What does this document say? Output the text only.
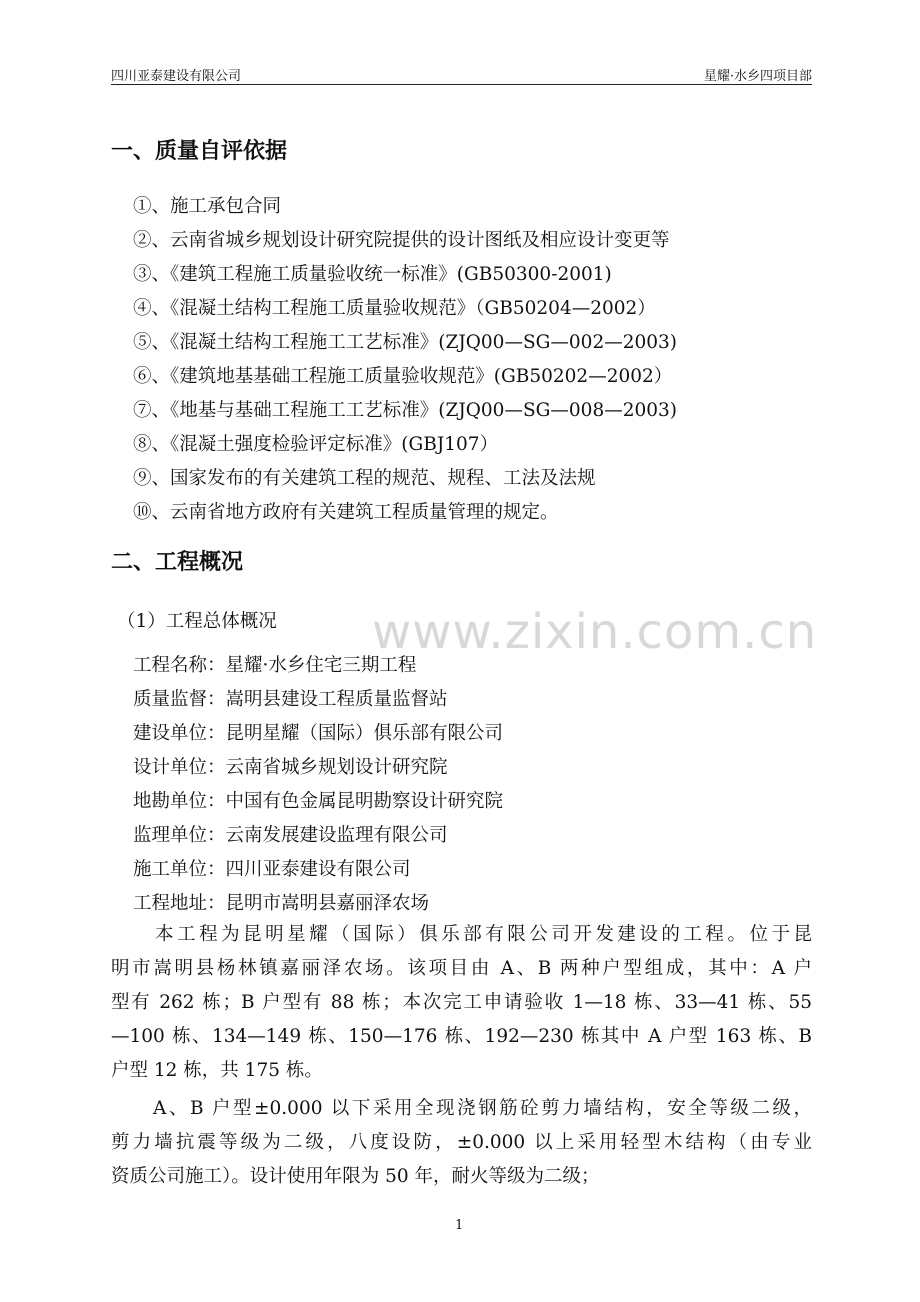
四川亚泰建设有限公司	星耀·水乡四项目部
一、质量自评依据
①、施工承包合同
②、云南省城乡规划设计研究院提供的设计图纸及相应设计变更等
③、《建筑工程施工质量验收统一标准》(GB50300-2001)
④、《混凝土结构工程施工质量验收规范》（GB50204—2002）
⑤、《混凝土结构工程施工工艺标准》(ZJQ00—SG—002—2003)
⑥、《建筑地基基础工程施工质量验收规范》(GB50202—2002）
⑦、《地基与基础工程施工工艺标准》(ZJQ00—SG—008—2003)
⑧、《混凝土强度检验评定标准》(GBJ107）
⑨、国家发布的有关建筑工程的规范、规程、工法及法规
⑩、云南省地方政府有关建筑工程质量管理的规定。
二、工程概况
www.zixin.com.cn
（1）工程总体概况
工程名称：星耀·水乡住宅三期工程
质量监督：嵩明县建设工程质量监督站
建设单位：昆明星耀（国际）俱乐部有限公司
设计单位：云南省城乡规划设计研究院
地勘单位：中国有色金属昆明勘察设计研究院
监理单位：云南发展建设监理有限公司
施工单位：四川亚泰建设有限公司
工程地址：昆明市嵩明县嘉丽泽农场

　　本工程为昆明星耀（国际）俱乐部有限公司开发建设的工程。位于昆

明市嵩明县杨林镇嘉丽泽农场。该项目由 A、B 两种户型组成，其中：A 户

型有 262 栋；B 户型有 88 栋；本次完工申请验收 1—18 栋、33—41 栋、55

—100 栋、134—149 栋、150—176 栋、192—230 栋其中 A 户型 163 栋、B

户型 12 栋，共 175 栋。

　　A、B 户型±0.000 以下采用全现浇钢筋砼剪力墙结构，安全等级二级，

剪力墙抗震等级为二级，八度设防，±0.000 以上采用轻型木结构（由专业

资质公司施工）。设计使用年限为 50 年，耐火等级为二级；

1
